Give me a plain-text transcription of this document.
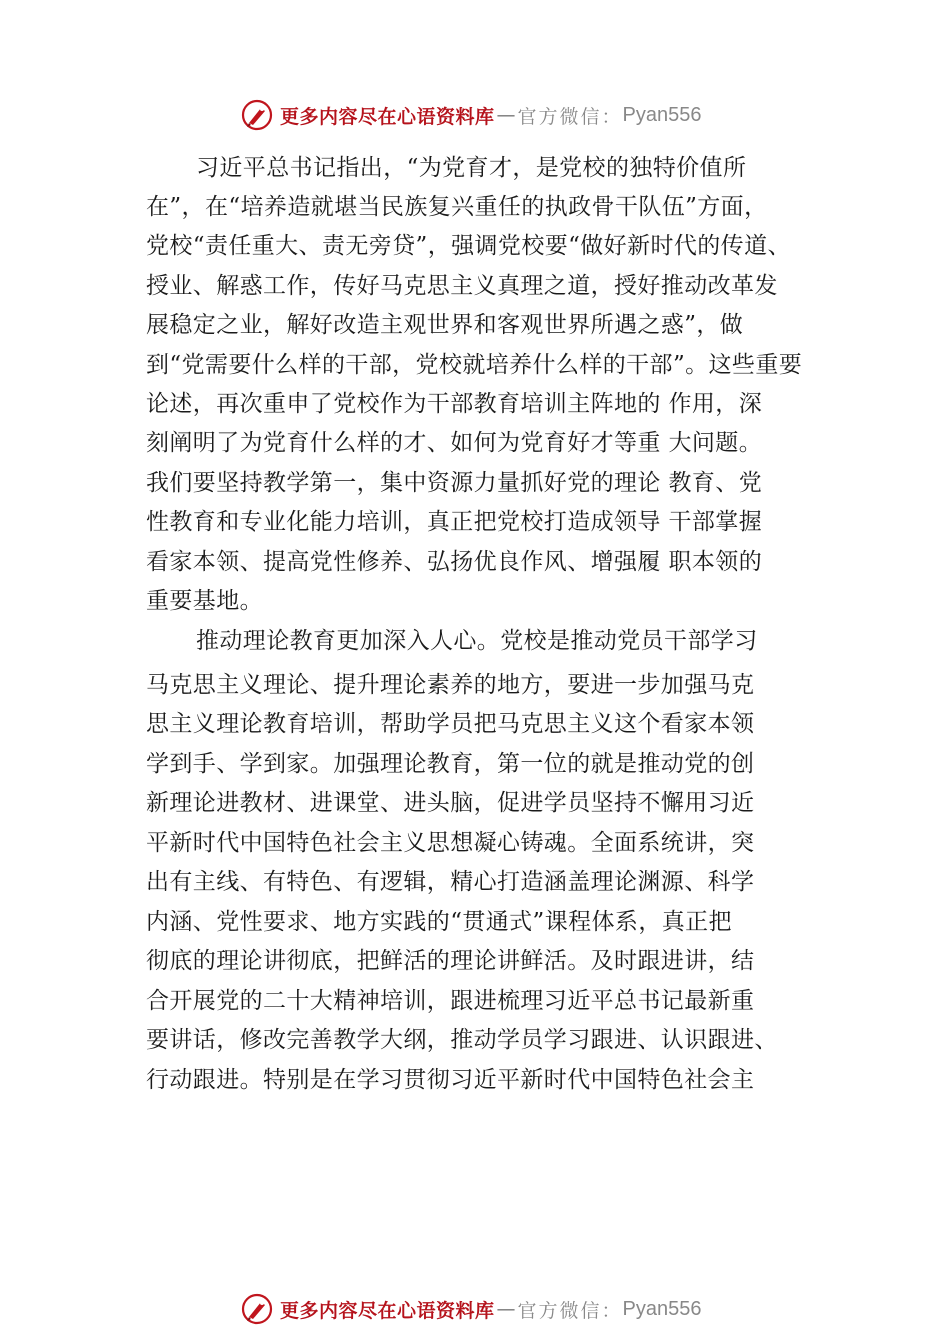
更多内容尽在心语资料库 — 官方微信： Pyan556
习近平总书记指出，“为党育才，是党校的独特价值所
在”，在“培养造就堪当民族复兴重任的执政骨干队伍”方面，
党校“责任重大、责无旁贷”，强调党校要“做好新时代的传道、
授业、解惑工作，传好马克思主义真理之道，授好推动改革发
展稳定之业，解好改造主观世界和客观世界所遇之惑”，做
到“党需要什么样的干部，党校就培养什么样的干部”。这些重要
论述，再次重申了党校作为干部教育培训主阵地的 作用，深
刻阐明了为党育什么样的才、如何为党育好才等重 大问题。
我们要坚持教学第一，集中资源力量抓好党的理论 教育、党
性教育和专业化能力培训，真正把党校打造成领导 干部掌握
看家本领、提高党性修养、弘扬优良作风、增强履 职本领的
重要基地。
推动理论教育更加深入人心。党校是推动党员干部学习
马克思主义理论、提升理论素养的地方，要进一步加强马克
思主义理论教育培训，帮助学员把马克思主义这个看家本领
学到手、学到家。加强理论教育，第一位的就是推动党的创
新理论进教材、进课堂、进头脑，促进学员坚持不懈用习近
平新时代中国特色社会主义思想凝心铸魂。全面系统讲，突
出有主线、有特色、有逻辑，精心打造涵盖理论渊源、科学
内涵、党性要求、地方实践的“贯通式”课程体系，真正把
彻底的理论讲彻底，把鲜活的理论讲鲜活。及时跟进讲，结
合开展党的二十大精神培训，跟进梳理习近平总书记最新重
要讲话，修改完善教学大纲，推动学员学习跟进、认识跟进、
行动跟进。特别是在学习贯彻习近平新时代中国特色社会主
更多内容尽在心语资料库 — 官方微信： Pyan556
